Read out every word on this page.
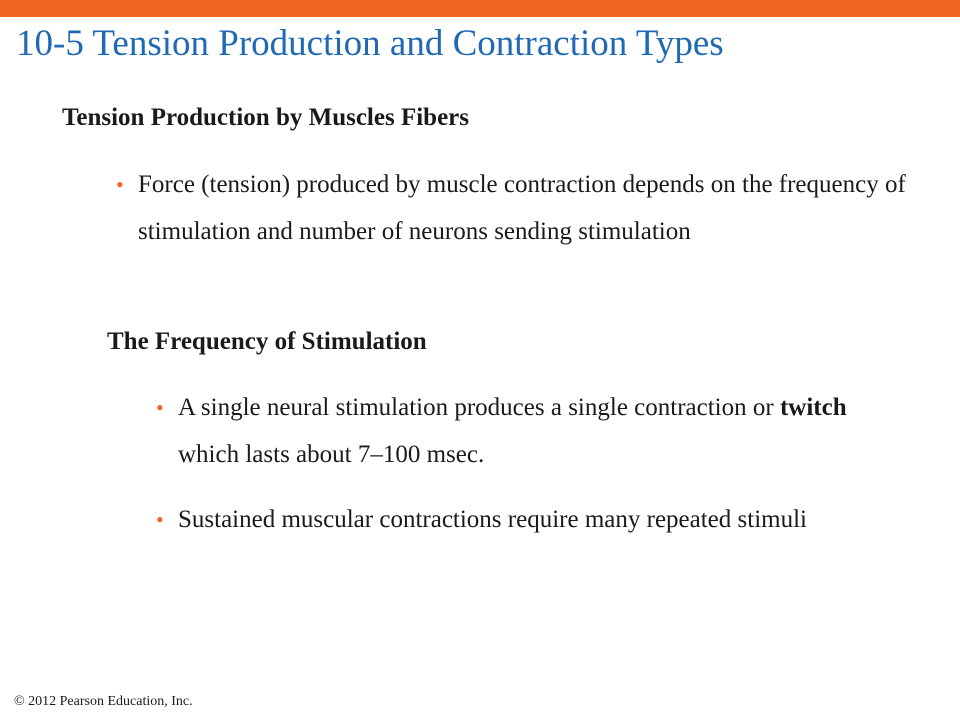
10-5 Tension Production and Contraction Types
Tension Production by Muscles Fibers

• Force (tension) produced by muscle contraction depends on the frequency of stimulation and number of neurons sending stimulation

The Frequency of Stimulation

• A single neural stimulation produces a single contraction or twitch which lasts about 7–100 msec.

• Sustained muscular contractions require many repeated stimuli

© 2012 Pearson Education, Inc.
